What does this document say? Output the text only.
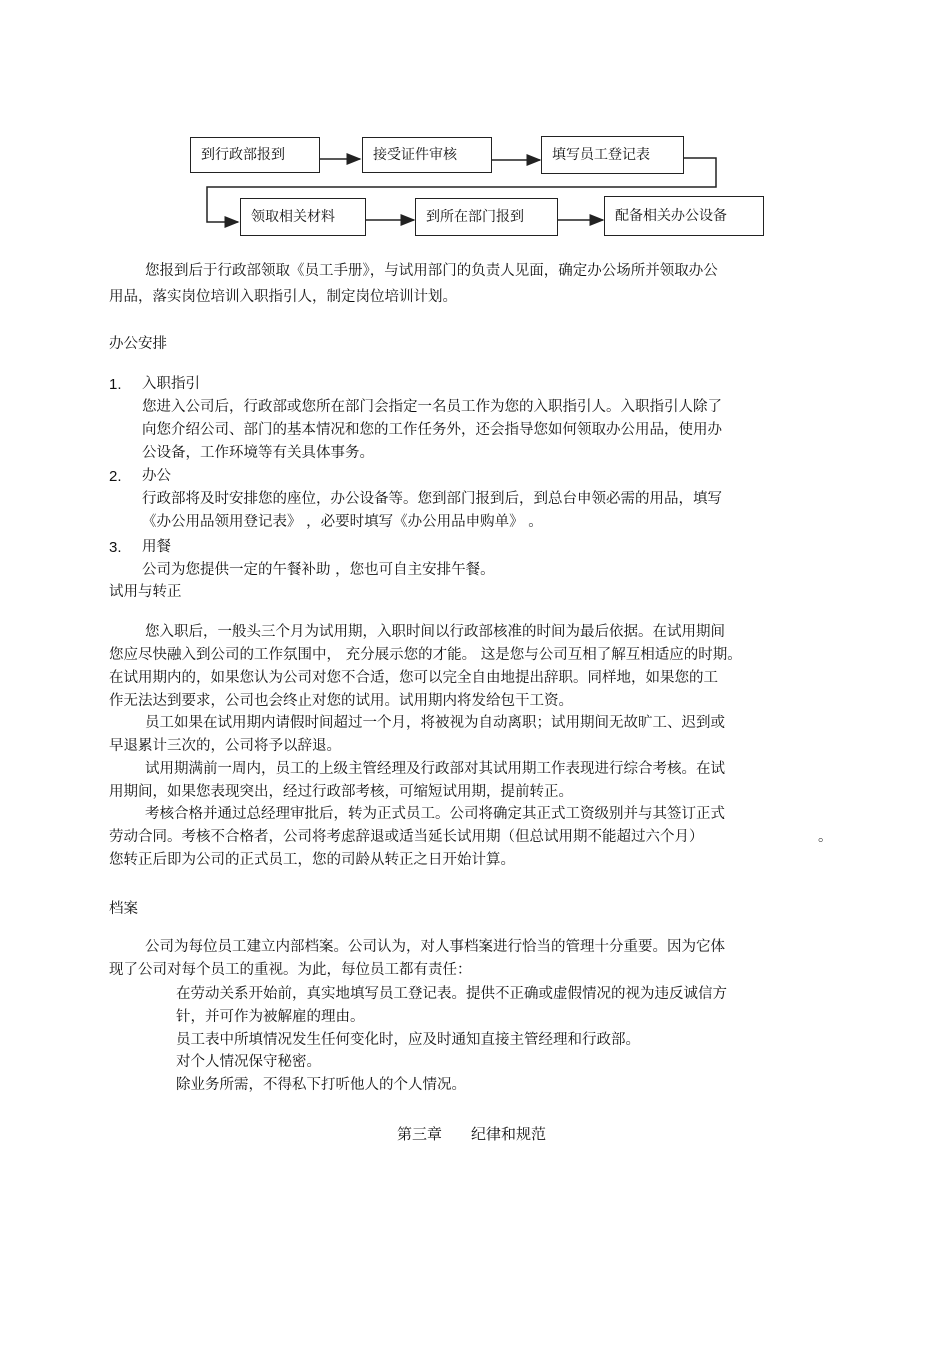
到行政部报到	接受证件审核	填写员工登记表
领取相关材料	到所在部门报到	配备相关办公设备
您报到后于行政部领取《员工手册》，与试用部门的负责人见面，确定办公场所并领取办公
用品，落实岗位培训入职指引人，制定岗位培训计划。
办公安排
1. 入职指引
您进入公司后，行政部或您所在部门会指定一名员工作为您的入职指引人。入职指引人除了
向您介绍公司、部门的基本情况和您的工作任务外，还会指导您如何领取办公用品，使用办
公设备，工作环境等有关具体事务。
2. 办公
行政部将及时安排您的座位，办公设备等。您到部门报到后，到总台申领必需的用品，填写
《办公用品领用登记表》 ，必要时填写《办公用品申购单》 。
3. 用餐
公司为您提供一定的午餐补助 ，您也可自主安排午餐。
试用与转正
您入职后，一般头三个月为试用期，入职时间以行政部核准的时间为最后依据。在试用期间
您应尽快融入到公司的工作氛围中， 充分展示您的才能。 这是您与公司互相了解互相适应的时期。
在试用期内的，如果您认为公司对您不合适，您可以完全自由地提出辞职。同样地，如果您的工
作无法达到要求，公司也会终止对您的试用。试用期内将发给包干工资。
员工如果在试用期内请假时间超过一个月，将被视为自动离职；试用期间无故旷工、迟到或
早退累计三次的，公司将予以辞退。
试用期满前一周内，员工的上级主管经理及行政部对其试用期工作表现进行综合考核。在试
用期间，如果您表现突出，经过行政部考核，可缩短试用期，提前转正。
考核合格并通过总经理审批后，转为正式员工。公司将确定其正式工资级别并与其签订正式
劳动合同。考核不合格者，公司将考虑辞退或适当延长试用期（但总试用期不能超过六个月）	。
您转正后即为公司的正式员工，您的司龄从转正之日开始计算。
档案
公司为每位员工建立内部档案。公司认为，对人事档案进行恰当的管理十分重要。因为它体
现了公司对每个员工的重视。为此，每位员工都有责任：
在劳动关系开始前，真实地填写员工登记表。提供不正确或虚假情况的视为违反诚信方
针，并可作为被解雇的理由。
员工表中所填情况发生任何变化时，应及时通知直接主管经理和行政部。
对个人情况保守秘密。
除业务所需，不得私下打听他人的个人情况。
第三章 纪律和规范
